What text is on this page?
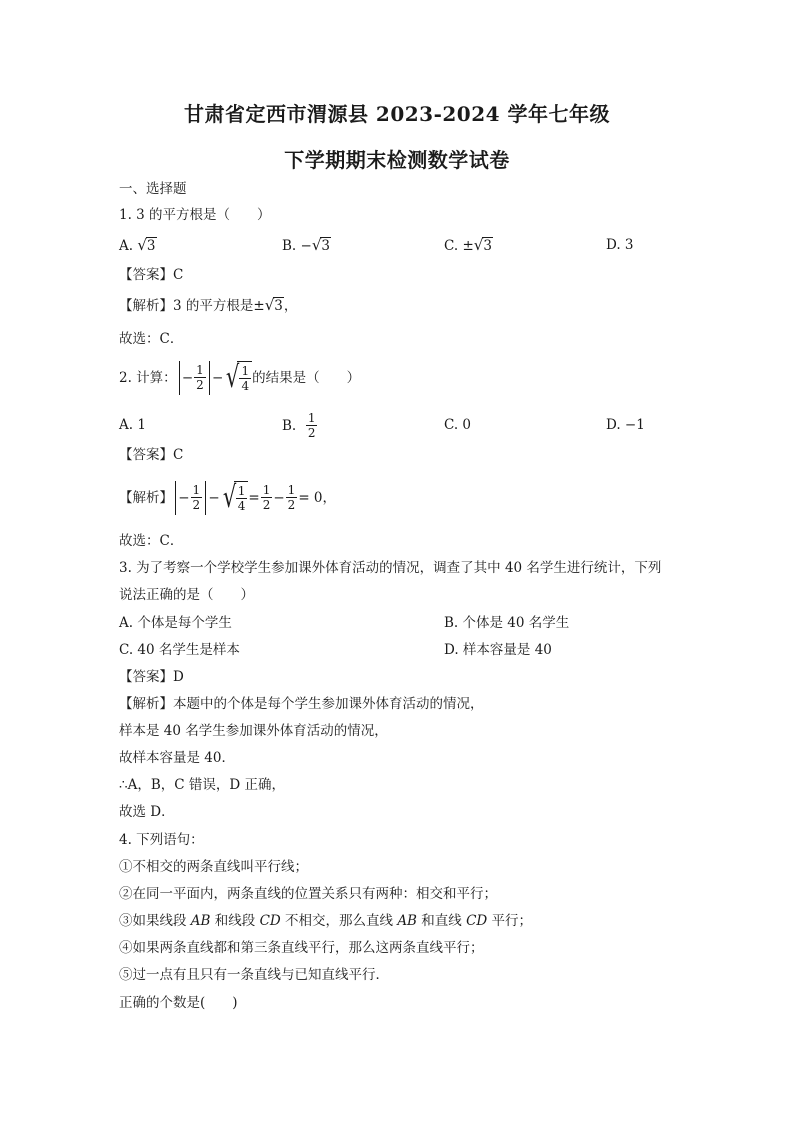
甘肃省定西市渭源县 2023-2024 学年七年级
下学期期末检测数学试卷
一、选择题
1. 3 的平方根是（　　）
A. √3	B. −√3	C. ±√3	D. 3
【答案】C
【解析】3 的平方根是±√3，
故选：C．
2. 计算： − $\frac{1}{2}$ − √ $\frac{1}{4}$ 的结果是（　　）
A. 1	B.
$\frac{1}{2}$	C. 0	D. −1
【答案】C
【解析】 − $\frac{1}{2}$ − √ $\frac{1}{4} = \frac{1}{2} - \frac{1}{2} = 0$，
故选：C．
3. 为了考察一个学校学生参加课外体育活动的情况，调查了其中 40 名学生进行统计，下列
说法正确的是（　　）
A. 个体是每个学生	B. 个体是 40 名学生
C. 40 名学生是样本	D. 样本容量是 40
【答案】D
【解析】本题中的个体是每个学生参加课外体育活动的情况，
样本是 40 名学生参加课外体育活动的情况，
故样本容量是 40．
∴A，B，C 错误，D 正确，
故选 D．
4. 下列语句：
①不相交的两条直线叫平行线；
②在同一平面内，两条直线的位置关系只有两种：相交和平行；
③如果线段 AB 和线段 CD 不相交，那么直线 AB 和直线 CD 平行；
④如果两条直线都和第三条直线平行，那么这两条直线平行；
⑤过一点有且只有一条直线与已知直线平行．
正确的个数是(　　)
